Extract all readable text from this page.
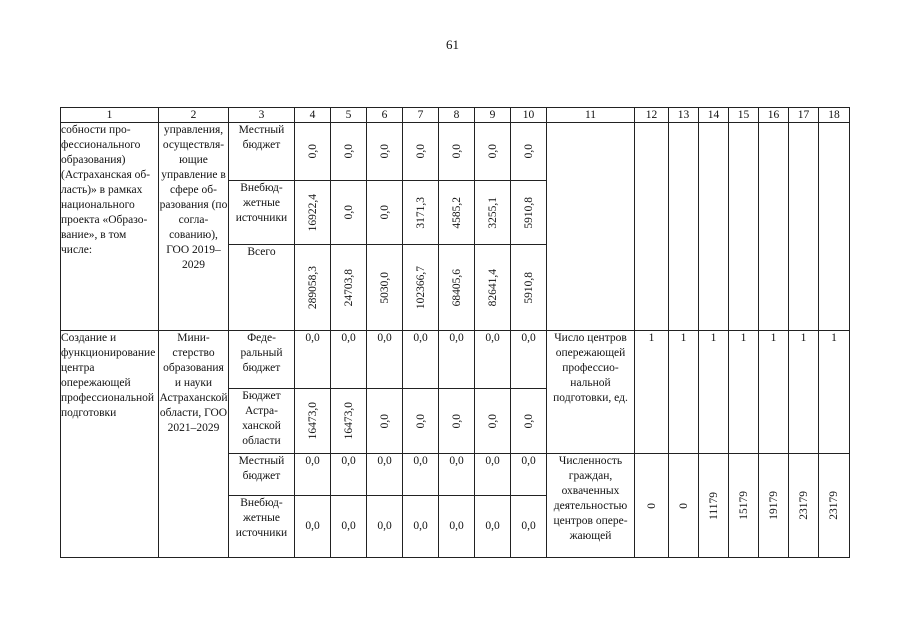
61
1	2	3	4	5	6	7	8	9	10	11	12	13	14	15	16	17	18
собности профессионального образования) (Астраханская область)» в рамках национального проекта «Образование», в том числе:	управления, осуществляющие управление в сфере образования (по согласованию), ГОО 2019–2029	Местный бюджет	0,0	0,0	0,0	0,0	0,0	0,0	0,0								

		Внебюджетные источники	16922,4	0,0	0,0	3171,3	4585,2	3255,1	5910,8								

		Всего	289058,3	24703,8	5030,0	102366,7	68405,6	82641,4	5910,8								

Создание и функционирование центра опережающей профессиональной подготовки	Министерство образования и науки Астраханской области, ГОО 2021–2029	Федеральный бюджет	0,0	0,0	0,0	0,0	0,0	0,0	0,0	Число центров опережающей профессиональной подготовки, ед.	1	1	1	1	1	1	1
		Бюджет Астраханской области	16473,0	16473,0	0,0	0,0	0,0	0,0	0,0								

		Местный бюджет	0,0	0,0	0,0	0,0	0,0	0,0	0,0	Численность граждан, охваченных деятельностью центров опережающей	0	0	11179	15179	19179	23179	23179

		Внебюджетные источники	0,0	0,0	0,0	0,0	0,0	0,0	0,0								
